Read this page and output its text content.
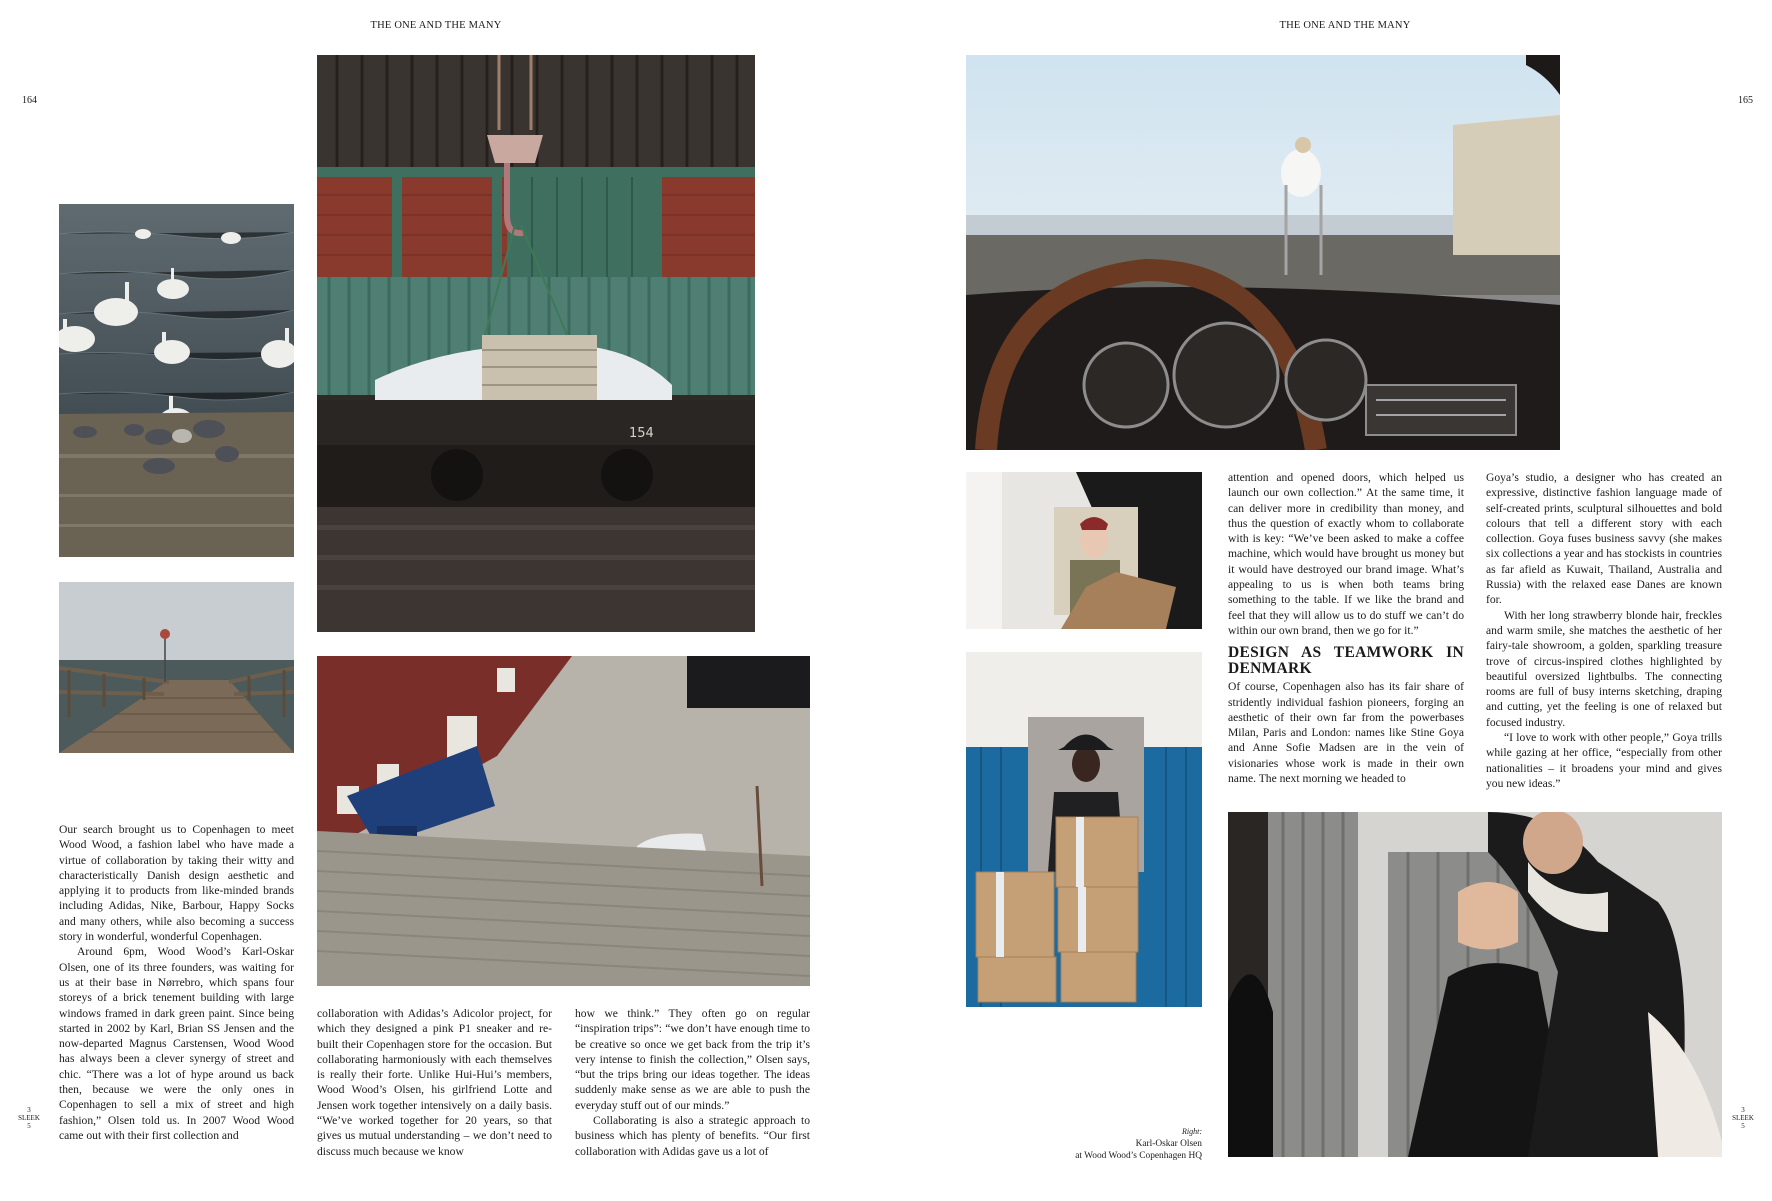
THE ONE AND THE MANY	THE ONE AND THE MANY
164	165
3
SLEEK
5
3
SLEEK
5
154

Our search brought us to Copenhagen to meet Wood Wood, a fashion label who have made a virtue of collaboration by taking their witty and characteristically Danish design aesthetic and applying it to products from like-minded brands including Adidas, Nike, Barbour, Happy Socks and many others, while also becoming a success story in wonderful, wonderful Copenhagen.

Around 6pm, Wood Wood’s Karl-Oskar Olsen, one of its three founders, was waiting for us at their base in Nørrebro, which spans four storeys of a brick tenement building with large windows framed in dark green paint. Since being started in 2002 by Karl, Brian SS Jensen and the now-departed Magnus Carstensen, Wood Wood has always been a clever synergy of street and chic. “There was a lot of hype around us back then, because we were the only ones in Copenhagen to sell a mix of street and high fashion,” Olsen told us. In 2007 Wood Wood came out with their first collection and

collaboration with Adidas’s Adicolor project, for which they designed a pink P1 sneaker and re-built their Copenhagen store for the occasion. But collaborating harmoniously with each themselves is really their forte. Unlike Hui-Hui’s members, Wood Wood’s Olsen, his girlfriend Lotte and Jensen work together intensively on a daily basis. “We’ve worked together for 20 years, so that gives us mutual understanding – we don’t need to discuss much because we know

how we think.” They often go on regular “inspiration trips”: “we don’t have enough time to be creative so once we get back from the trip it’s very intense to finish the collection,” Olsen says, “but the trips bring our ideas together. The ideas suddenly make sense as we are able to push the everyday stuff out of our minds.”

Collaborating is also a strategic approach to business which has plenty of benefits. “Our first collaboration with Adidas gave us a lot of

attention and opened doors, which helped us launch our own collection.” At the same time, it can deliver more in credibility than money, and thus the question of exactly whom to collaborate with is key: “We’ve been asked to make a coffee machine, which would have brought us money but it would have destroyed our brand image. What’s appealing to us is when both teams bring something to the table. If we like the brand and feel that they will allow us to do stuff we can’t do within our own brand, then we go for it.”

DESIGN AS TEAMWORK IN DENMARK

Of course, Copenhagen also has its fair share of stridently individual fashion pioneers, forging an aesthetic of their own far from the powerbases Milan, Paris and London: names like Stine Goya and Anne Sofie Madsen are in the vein of visionaries whose work is made in their own name. The next morning we headed to

Goya’s studio, a designer who has created an expressive, distinctive fashion language made of self-created prints, sculptural silhouettes and bold colours that tell a different story with each collection. Goya fuses business savvy (she makes six collections a year and has stockists in countries as far afield as Kuwait, Thailand, Australia and Russia) with the relaxed ease Danes are known for.

With her long strawberry blonde hair, freckles and warm smile, she matches the aesthetic of her fairy-tale showroom, a golden, sparkling treasure trove of circus-inspired clothes highlighted by beautiful oversized lightbulbs. The connecting rooms are full of busy interns sketching, draping and cutting, yet the feeling is one of relaxed but focused industry.

“I love to work with other people,” Goya trills while gazing at her office, “especially from other nationalities – it broadens your mind and gives you new ideas.”

Right:
Karl-Oskar Olsen
at Wood Wood’s Copenhagen HQ
